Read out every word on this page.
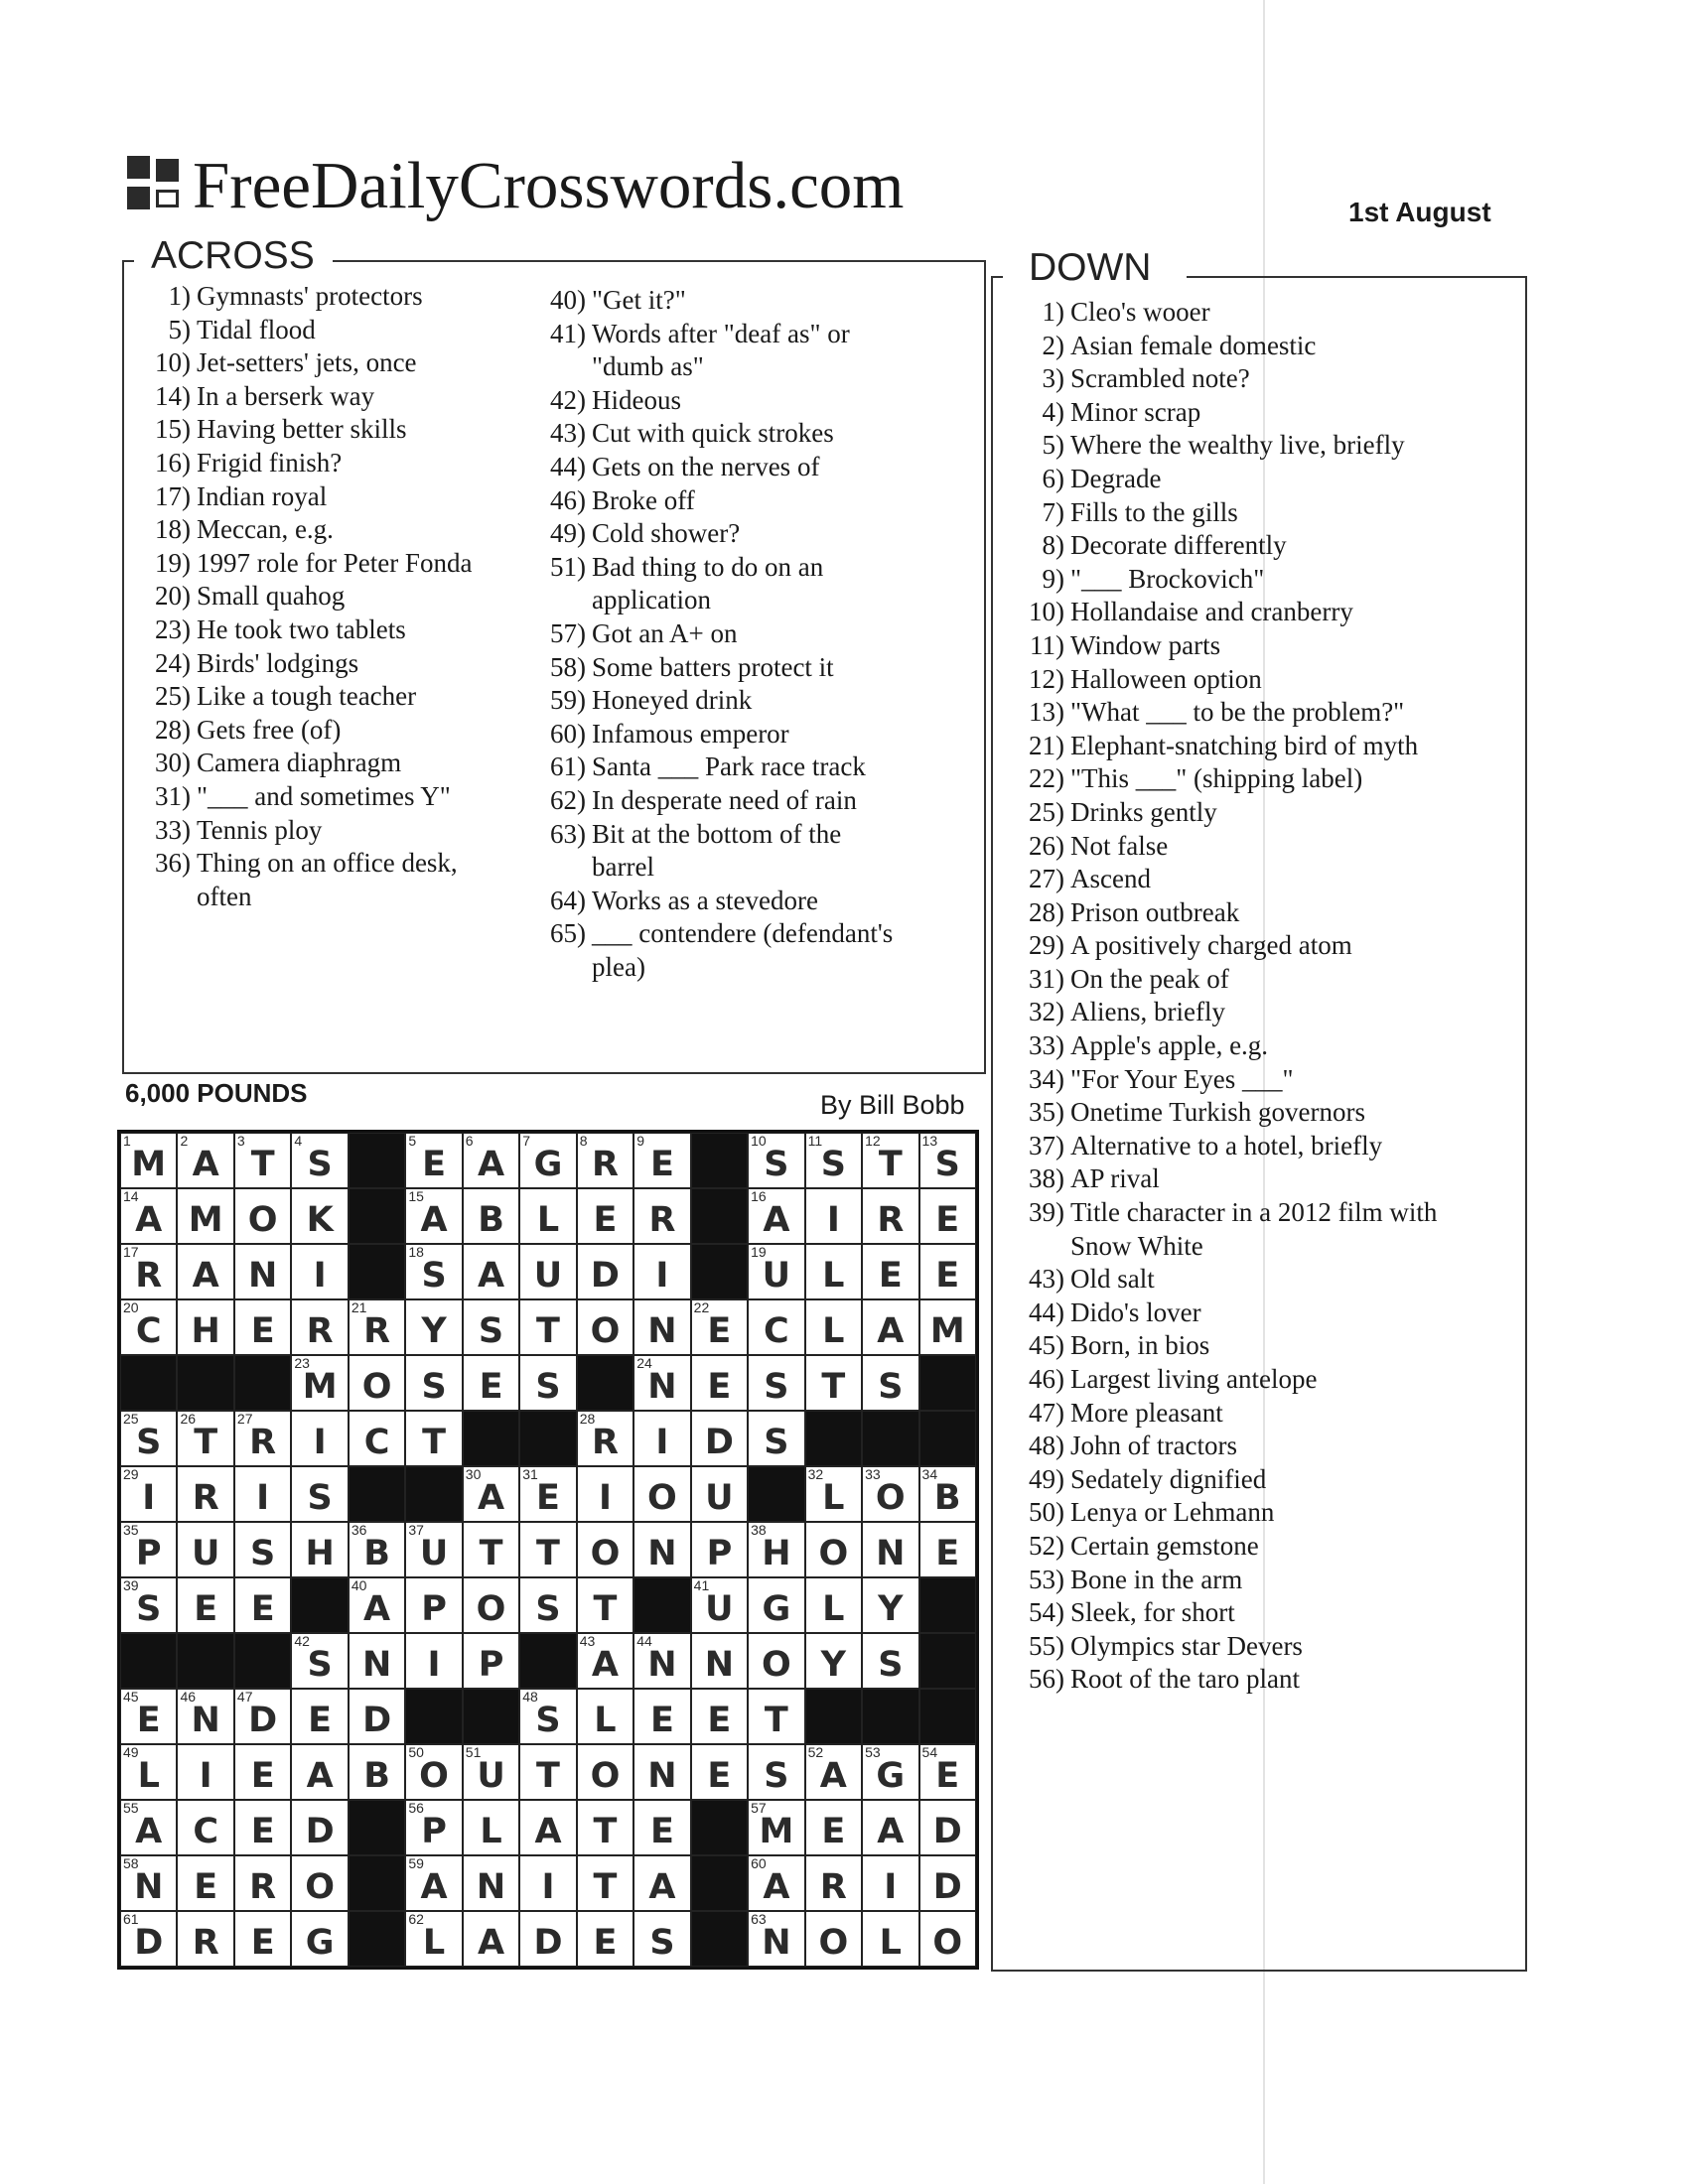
FreeDailyCrosswords.com	1st August
ACROSS
1) Gymnasts' protectors
5) Tidal flood
10) Jet-setters' jets, once
14) In a berserk way
15) Having better skills
16) Frigid finish?
17) Indian royal
18) Meccan, e.g.
19) 1997 role for Peter Fonda
20) Small quahog
23) He took two tablets
24) Birds' lodgings
25) Like a tough teacher
28) Gets free (of)
30) Camera diaphragm
31) "___ and sometimes Y"
33) Tennis ploy
36) Thing on an office desk,
often
40) "Get it?"
41) Words after "deaf as" or
"dumb as"
42) Hideous
43) Cut with quick strokes
44) Gets on the nerves of
46) Broke off
49) Cold shower?
51) Bad thing to do on an
application
57) Got an A+ on
58) Some batters protect it
59) Honeyed drink
60) Infamous emperor
61) Santa ___ Park race track
62) In desperate need of rain
63) Bit at the bottom of the
barrel
64) Works as a stevedore
65) ___ contendere (defendant's
plea)
DOWN
1) Cleo's wooer
2) Asian female domestic
3) Scrambled note?
4) Minor scrap
5) Where the wealthy live, briefly
6) Degrade
7) Fills to the gills
8) Decorate differently
9) "___ Brockovich"
10) Hollandaise and cranberry
11) Window parts
12) Halloween option
13) "What ___ to be the problem?"
21) Elephant-snatching bird of myth
22) "This ___" (shipping label)
25) Drinks gently
26) Not false
27) Ascend
28) Prison outbreak
29) A positively charged atom
31) On the peak of
32) Aliens, briefly
33) Apple's apple, e.g.
34) "For Your Eyes ___"
35) Onetime Turkish governors
37) Alternative to a hotel, briefly
38) AP rival
39) Title character in a 2012 film with
Snow White
43) Old salt
44) Dido's lover
45) Born, in bios
46) Largest living antelope
47) More pleasant
48) John of tractors
49) Sedately dignified
50) Lenya or Lehmann
52) Certain gemstone
53) Bone in the arm
54) Sleek, for short
55) Olympics star Devers
56) Root of the taro plant
6,000 POUNDS	By Bill Bobb
1
M
2
A
3
T
4
S
5
E
6
A
7
G
8
R
9
E
10
S
11
S
12
T
13
S
14
A M O K
15
A B L E R
16
A	I	R E
17
R A N	I
18
S A U D	I
19
U L E E
20
C H E R
21
R Y S T O N
22
E C L A M
23
M O S E S
24
N E S T S
25
S
26
T
27
R	I	C T
28
R	I	D S
29
I	R	I	S
30
A
31
E	I	O U
32
L
33
O
34
B
35
P U S H
36
B
37
U T T O N P
38
H O N E
39
S E E
40
A P O S T
41
U G L Y
42
S N	I	P
43
A
44
N N O Y S
45
E
46
N
47
D E D
48
S L E E T
49
L	I	E A B
50
O
51
U T O N E S
52
A
53
G
54
E
55
A C E D
56
P L A T E
57
M E A D
58
N E R O
59
A N	I	T A
60
A R	I	D
61
D R E G
62
L A D E S
63
N O L O
